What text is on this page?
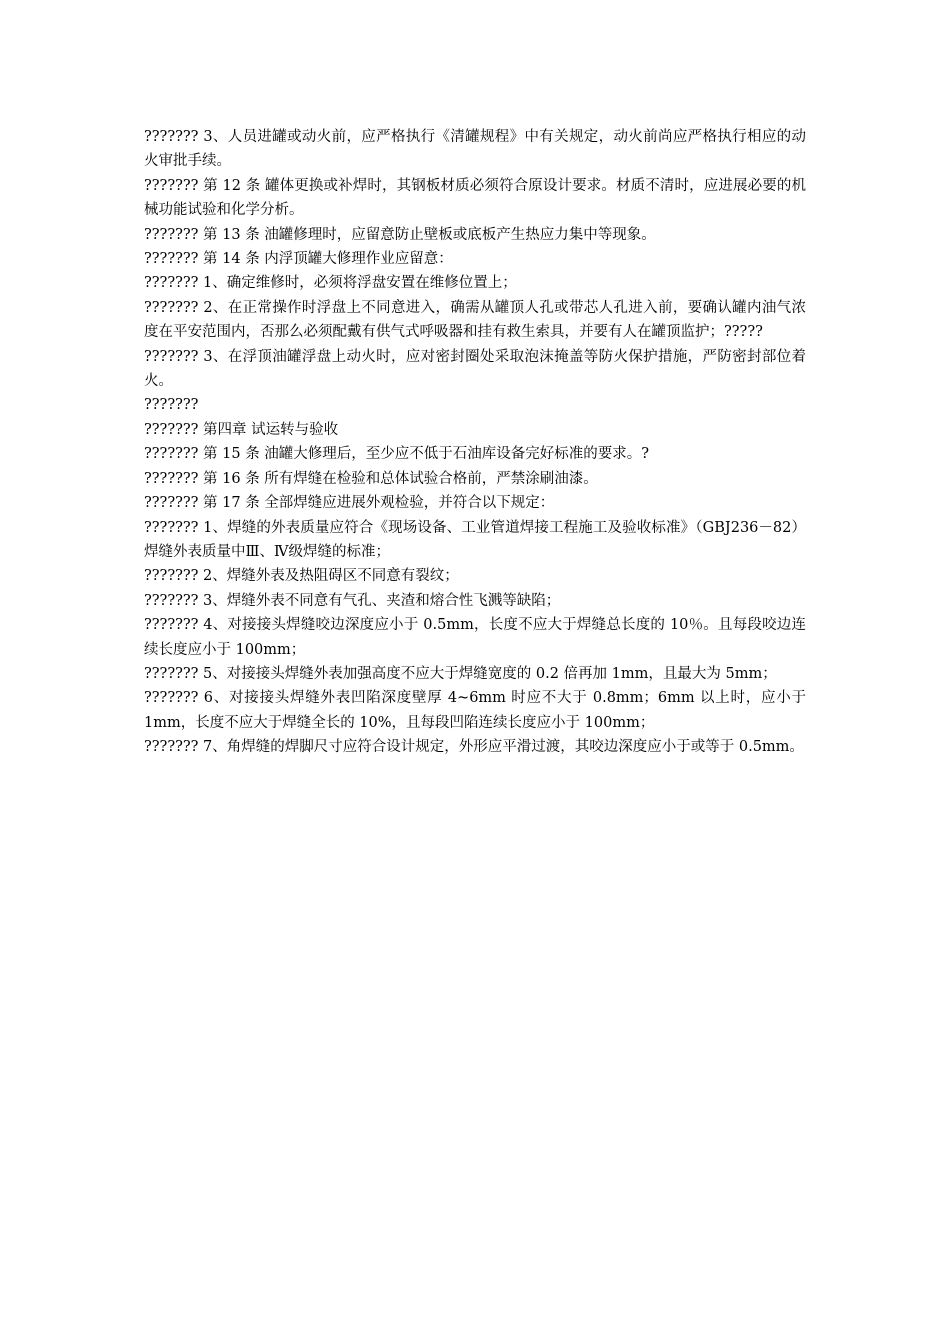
??????? 3、人员进罐或动火前，应严格执行《清罐规程》中有关规定，动火前尚应严格执行相应的动火审批手续。

??????? 第 12 条 罐体更换或补焊时，其钢板材质必须符合原设计要求。材质不清时，应进展必要的机械功能试验和化学分析。

??????? 第 13 条 油罐修理时，应留意防止壁板或底板产生热应力集中等现象。

??????? 第 14 条 内浮顶罐大修理作业应留意：

??????? 1、确定维修时，必须将浮盘安置在维修位置上；

??????? 2、在正常操作时浮盘上不同意进入，确需从罐顶人孔或带芯人孔进入前，要确认罐内油气浓度在平安范围内，否那么必须配戴有供气式呼吸器和挂有救生索具，并要有人在罐顶监护；?????

??????? 3、在浮顶油罐浮盘上动火时，应对密封圈处采取泡沫掩盖等防火保护措施，严防密封部位着火。

???????

??????? 第四章 试运转与验收

??????? 第 15 条 油罐大修理后，至少应不低于石油库设备完好标准的要求。?

??????? 第 16 条 所有焊缝在检验和总体试验合格前，严禁涂刷油漆。

??????? 第 17 条 全部焊缝应进展外观检验，并符合以下规定：

??????? 1、焊缝的外表质量应符合《现场设备、工业管道焊接工程施工及验收标准》（GBJ236－82）焊缝外表质量中Ⅲ、Ⅳ级焊缝的标准；

??????? 2、焊缝外表及热阻碍区不同意有裂纹；

??????? 3、焊缝外表不同意有气孔、夹渣和熔合性飞溅等缺陷；

??????? 4、对接接头焊缝咬边深度应小于 0.5mm，长度不应大于焊缝总长度的 10％。且每段咬边连续长度应小于 100mm；

??????? 5、对接接头焊缝外表加强高度不应大于焊缝宽度的 0.2 倍再加 1mm，且最大为 5mm；

??????? 6、对接接头焊缝外表凹陷深度壁厚 4~6mm 时应不大于 0.8mm；6mm 以上时，应小于 1mm，长度不应大于焊缝全长的 10%，且每段凹陷连续长度应小于 100mm；

??????? 7、角焊缝的焊脚尺寸应符合设计规定，外形应平滑过渡，其咬边深度应小于或等于 0.5mm。
